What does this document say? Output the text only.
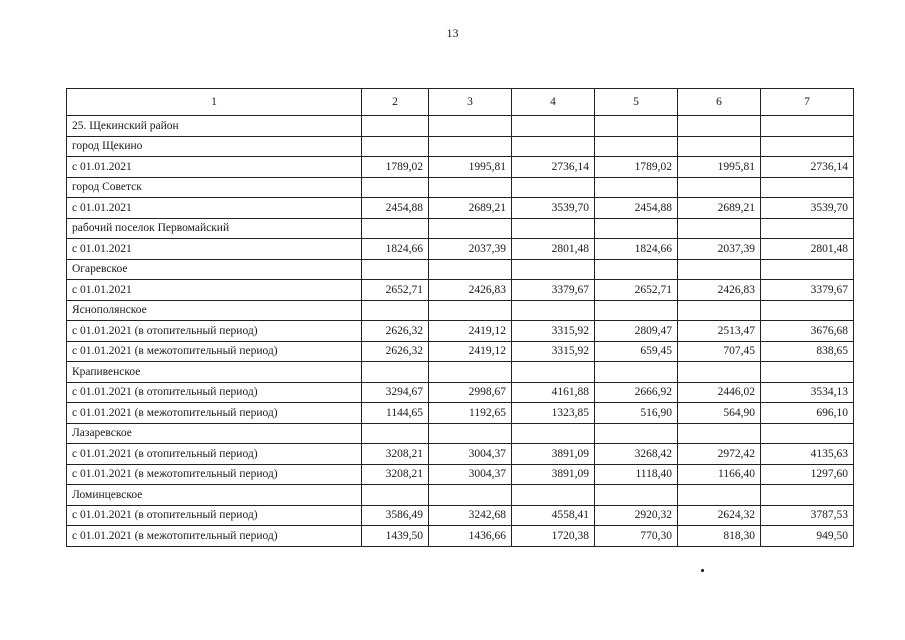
13
1	2	3	4	5	6	7
25. Щекинский район						
город Щекино						
с 01.01.2021	1789,02	1995,81	2736,14	1789,02	1995,81	2736,14
город Советск						
с 01.01.2021	2454,88	2689,21	3539,70	2454,88	2689,21	3539,70
рабочий поселок Первомайский						
с 01.01.2021	1824,66	2037,39	2801,48	1824,66	2037,39	2801,48
Огаревское						
с 01.01.2021	2652,71	2426,83	3379,67	2652,71	2426,83	3379,67
Яснополянское						
с 01.01.2021 (в отопительный период)	2626,32	2419,12	3315,92	2809,47	2513,47	3676,68
с 01.01.2021 (в межотопительный период)	2626,32	2419,12	3315,92	659,45	707,45	838,65
Крапивенское						
с 01.01.2021 (в отопительный период)	3294,67	2998,67	4161,88	2666,92	2446,02	3534,13
с 01.01.2021 (в межотопительный период)	1144,65	1192,65	1323,85	516,90	564,90	696,10
Лазаревское						
с 01.01.2021 (в отопительный период)	3208,21	3004,37	3891,09	3268,42	2972,42	4135,63
с 01.01.2021 (в межотопительный период)	3208,21	3004,37	3891,09	1118,40	1166,40	1297,60
Ломинцевское						
с 01.01.2021 (в отопительный период)	3586,49	3242,68	4558,41	2920,32	2624,32	3787,53
с 01.01.2021 (в межотопительный период)	1439,50	1436,66	1720,38	770,30	818,30	949,50
